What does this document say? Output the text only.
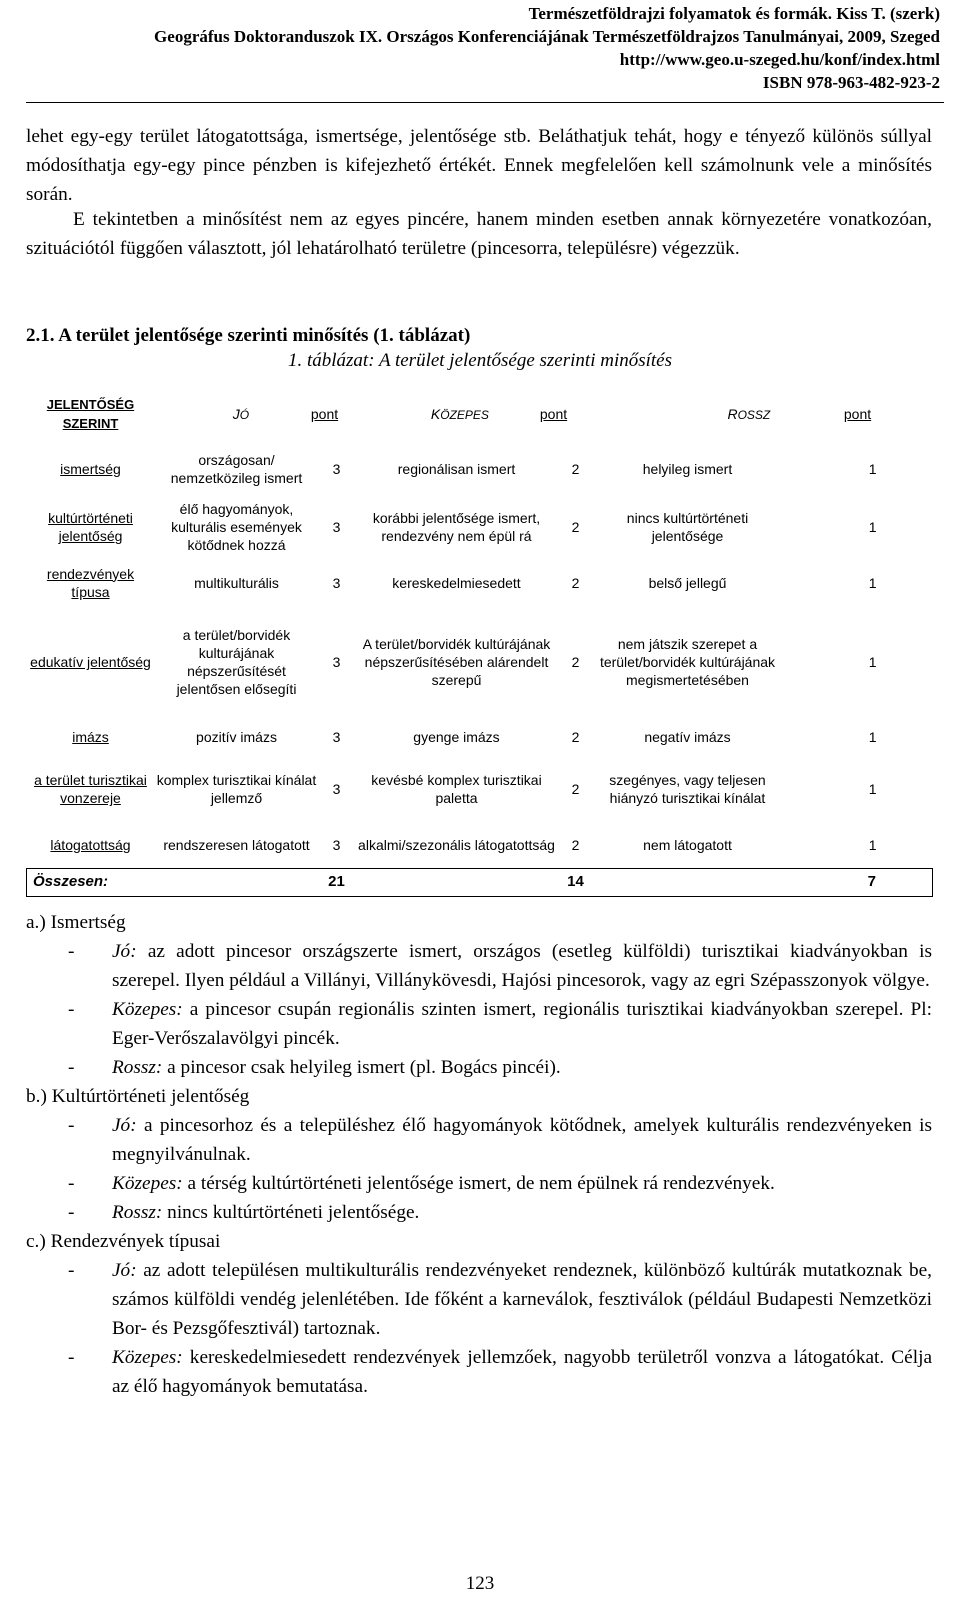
Természetföldrajzi folyamatok és formák. Kiss T. (szerk)
Geográfus Doktoranduszok IX. Országos Konferenciájának Természetföldrajzos Tanulmányai, 2009, Szeged
http://www.geo.u-szeged.hu/konf/index.html
ISBN 978-963-482-923-2

lehet egy-egy terület látogatottsága, ismertsége, jelentősége stb. Beláthatjuk tehát, hogy e tényező különös súllyal módosíthatja egy-egy pince pénzben is kifejezhető értékét. Ennek megfelelően kell számolnunk vele a minősítés során.

E tekintetben a minősítést nem az egyes pincére, hanem minden esetben annak környezetére vonatkozóan, szituációtól függően választott, jól lehatárolható területre (pincesorra, településre) végezzük.

2.1. A terület jelentősége szerinti minősítés (1. táblázat)

1. táblázat: A terület jelentősége szerinti minősítés

JELENTŐSÉG
SZERINT	JÓ pont		KÖZEPES pont		ROSSZ pont	
ismertség	országosan/ nemzetközileg ismert	3	regionálisan ismert	2	helyileg ismert	1
kultúrtörténeti jelentőség	élő hagyományok, kulturális események kötődnek hozzá	3	korábbi jelentősége ismert, rendezvény nem épül rá	2	nincs kultúrtörténeti jelentősége	1
rendezvények típusa	multikulturális	3	kereskedelmiesedett	2	belső jellegű	1
edukatív jelentőség	a terület/borvidék kulturájának népszerűsítését jelentősen elősegíti	3	A terület/borvidék kultúrájának népszerűsítésében alárendelt szerepű	2	nem játszik szerepet a terület/borvidék kultúrájának megismertetésében	1
imázs	pozitív imázs	3	gyenge imázs	2	negatív imázs	1
a terület turisztikai vonzereje	komplex turisztikai kínálat jellemző	3	kevésbé komplex turisztikai paletta	2	szegényes, vagy teljesen hiányzó turisztikai kínálat	1
látogatottság	rendszeresen látogatott	3	alkalmi/szezonális látogatottság	2	nem látogatott	1
Összesen:		21		14		7

a.) Ismertség

- Jó: az adott pincesor országszerte ismert, országos (esetleg külföldi) turisztikai kiadványokban is szerepel. Ilyen például a Villányi, Villánykövesdi, Hajósi pincesorok, vagy az egri Szépasszonyok völgye.

- Közepes: a pincesor csupán regionális szinten ismert, regionális turisztikai kiadványokban szerepel. Pl: Eger-Verőszalavölgyi pincék.

- Rossz: a pincesor csak helyileg ismert (pl. Bogács pincéi).

b.) Kultúrtörténeti jelentőség

- Jó: a pincesorhoz és a településhez élő hagyományok kötődnek, amelyek kulturális rendezvényeken is megnyilvánulnak.

- Közepes: a térség kultúrtörténeti jelentősége ismert, de nem épülnek rá rendezvények.

- Rossz: nincs kultúrtörténeti jelentősége.

c.) Rendezvények típusai

- Jó: az adott településen multikulturális rendezvényeket rendeznek, különböző kultúrák mutatkoznak be, számos külföldi vendég jelenlétében. Ide főként a karneválok, fesztiválok (például Budapesti Nemzetközi Bor- és Pezsgőfesztivál) tartoznak.

- Közepes: kereskedelmiesedett rendezvények jellemzőek, nagyobb területről vonzva a látogatókat. Célja az élő hagyományok bemutatása.

123
